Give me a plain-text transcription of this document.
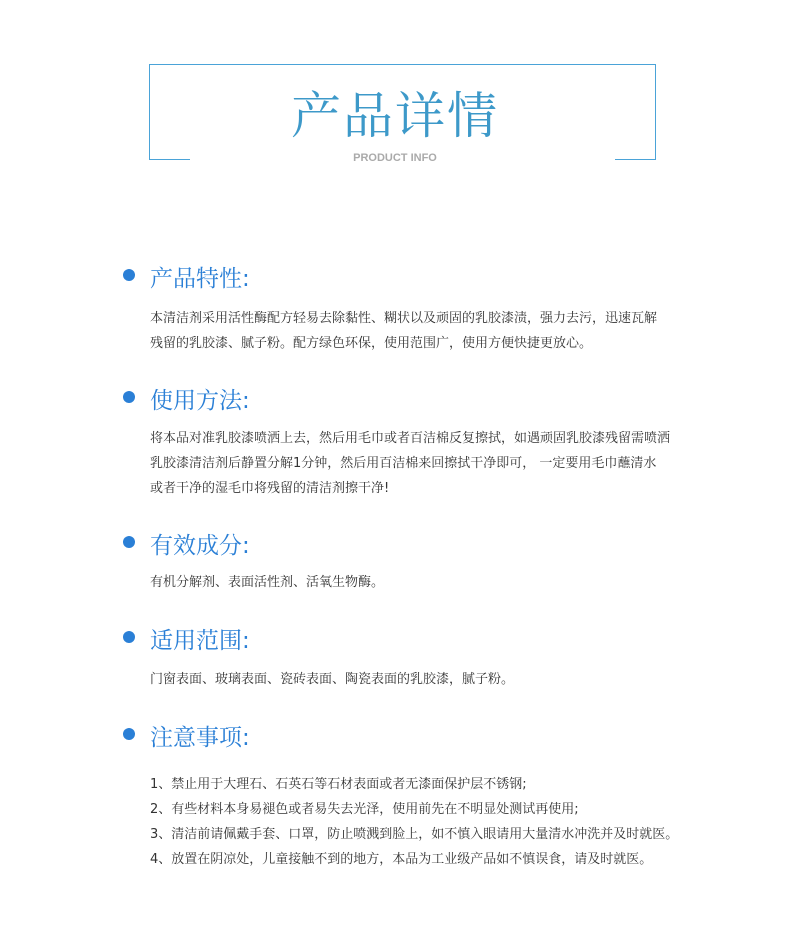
产品详情
PRODUCT INFO
产品特性:
本清洁剂采用活性酶配方轻易去除黏性、糊状以及顽固的乳胶漆渍，强力去污，迅速瓦解
残留的乳胶漆、腻子粉。配方绿色环保，使用范围广，使用方便快捷更放心。
使用方法:
将本品对准乳胶漆喷洒上去，然后用毛巾或者百洁棉反复擦拭，如遇顽固乳胶漆残留需喷洒
乳胶漆清洁剂后静置分解1分钟，然后用百洁棉来回擦拭干净即可， 一定要用毛巾蘸清水
或者干净的湿毛巾将残留的清洁剂擦干净!
有效成分:
有机分解剂、表面活性剂、活氧生物酶。
适用范围:
门窗表面、玻璃表面、瓷砖表面、陶瓷表面的乳胶漆，腻子粉。
注意事项:
1、禁止用于大理石、石英石等石材表面或者无漆面保护层不锈钢;
2、有些材料本身易褪色或者易失去光泽，使用前先在不明显处测试再使用;
3、清洁前请佩戴手套、口罩，防止喷溅到脸上，如不慎入眼请用大量清水冲洗并及时就医。
4、放置在阴凉处，儿童接触不到的地方，本品为工业级产品如不慎误食，请及时就医。
